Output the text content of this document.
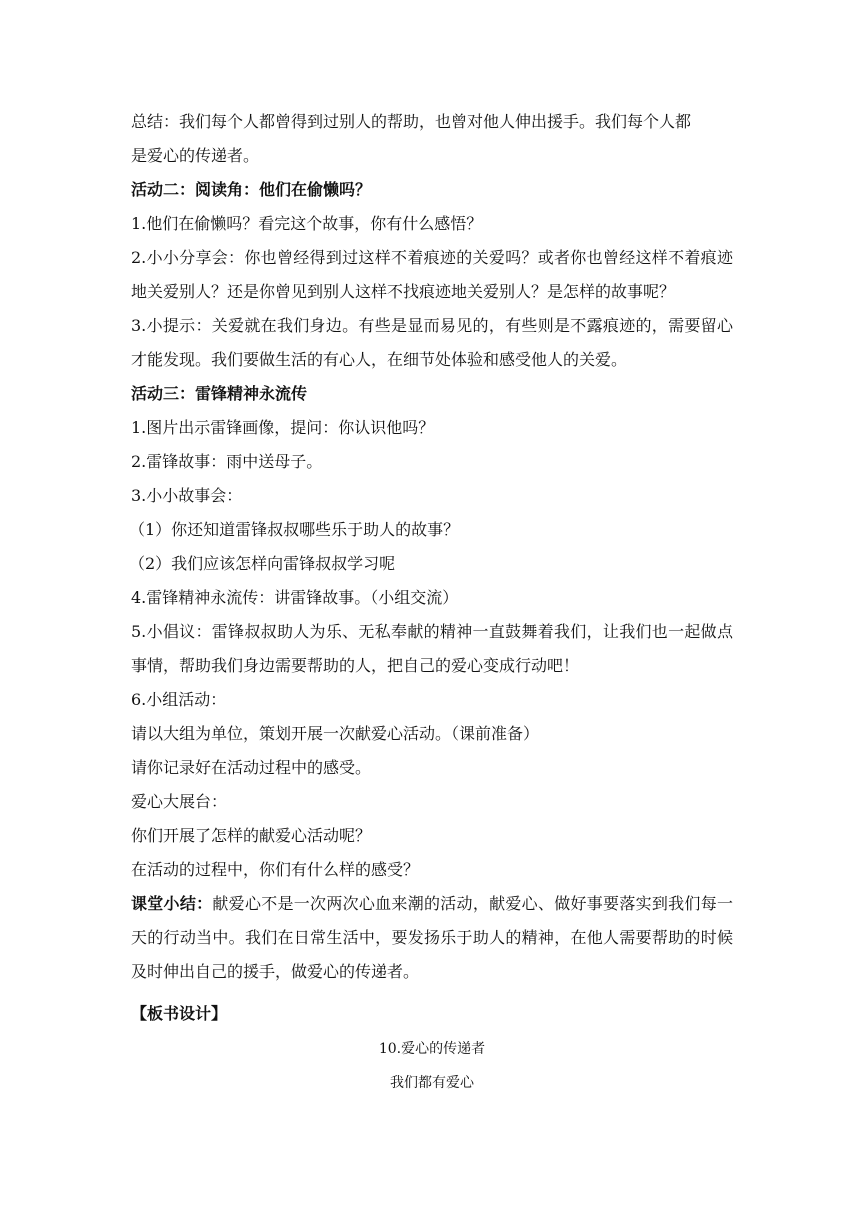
总结：我们每个人都曾得到过别人的帮助，也曾对他人伸出援手。我们每个人都

是爱心的传递者。

活动二：阅读角：他们在偷懒吗？

1.他们在偷懒吗？看完这个故事，你有什么感悟？

2.小小分享会：你也曾经得到过这样不着痕迹的关爱吗？或者你也曾经这样不着痕迹地关爱别人？还是你曾见到别人这样不找痕迹地关爱别人？是怎样的故事呢？

3.小提示：关爱就在我们身边。有些是显而易见的，有些则是不露痕迹的，需要留心才能发现。我们要做生活的有心人，在细节处体验和感受他人的关爱。

活动三：雷锋精神永流传

1.图片出示雷锋画像，提问：你认识他吗？

2.雷锋故事：雨中送母子。

3.小小故事会：

（1）你还知道雷锋叔叔哪些乐于助人的故事？

（2）我们应该怎样向雷锋叔叔学习呢

4.雷锋精神永流传：讲雷锋故事。（小组交流）

5.小倡议：雷锋叔叔助人为乐、无私奉献的精神一直鼓舞着我们，让我们也一起做点事情，帮助我们身边需要帮助的人，把自己的爱心变成行动吧！

6.小组活动：

请以大组为单位，策划开展一次献爱心活动。（课前准备）

请你记录好在活动过程中的感受。

爱心大展台：

你们开展了怎样的献爱心活动呢？

在活动的过程中，你们有什么样的感受？

课堂小结：献爱心不是一次两次心血来潮的活动，献爱心、做好事要落实到我们每一天的行动当中。我们在日常生活中，要发扬乐于助人的精神，在他人需要帮助的时候及时伸出自己的援手，做爱心的传递者。

【板书设计】

10.爱心的传递者

我们都有爱心
